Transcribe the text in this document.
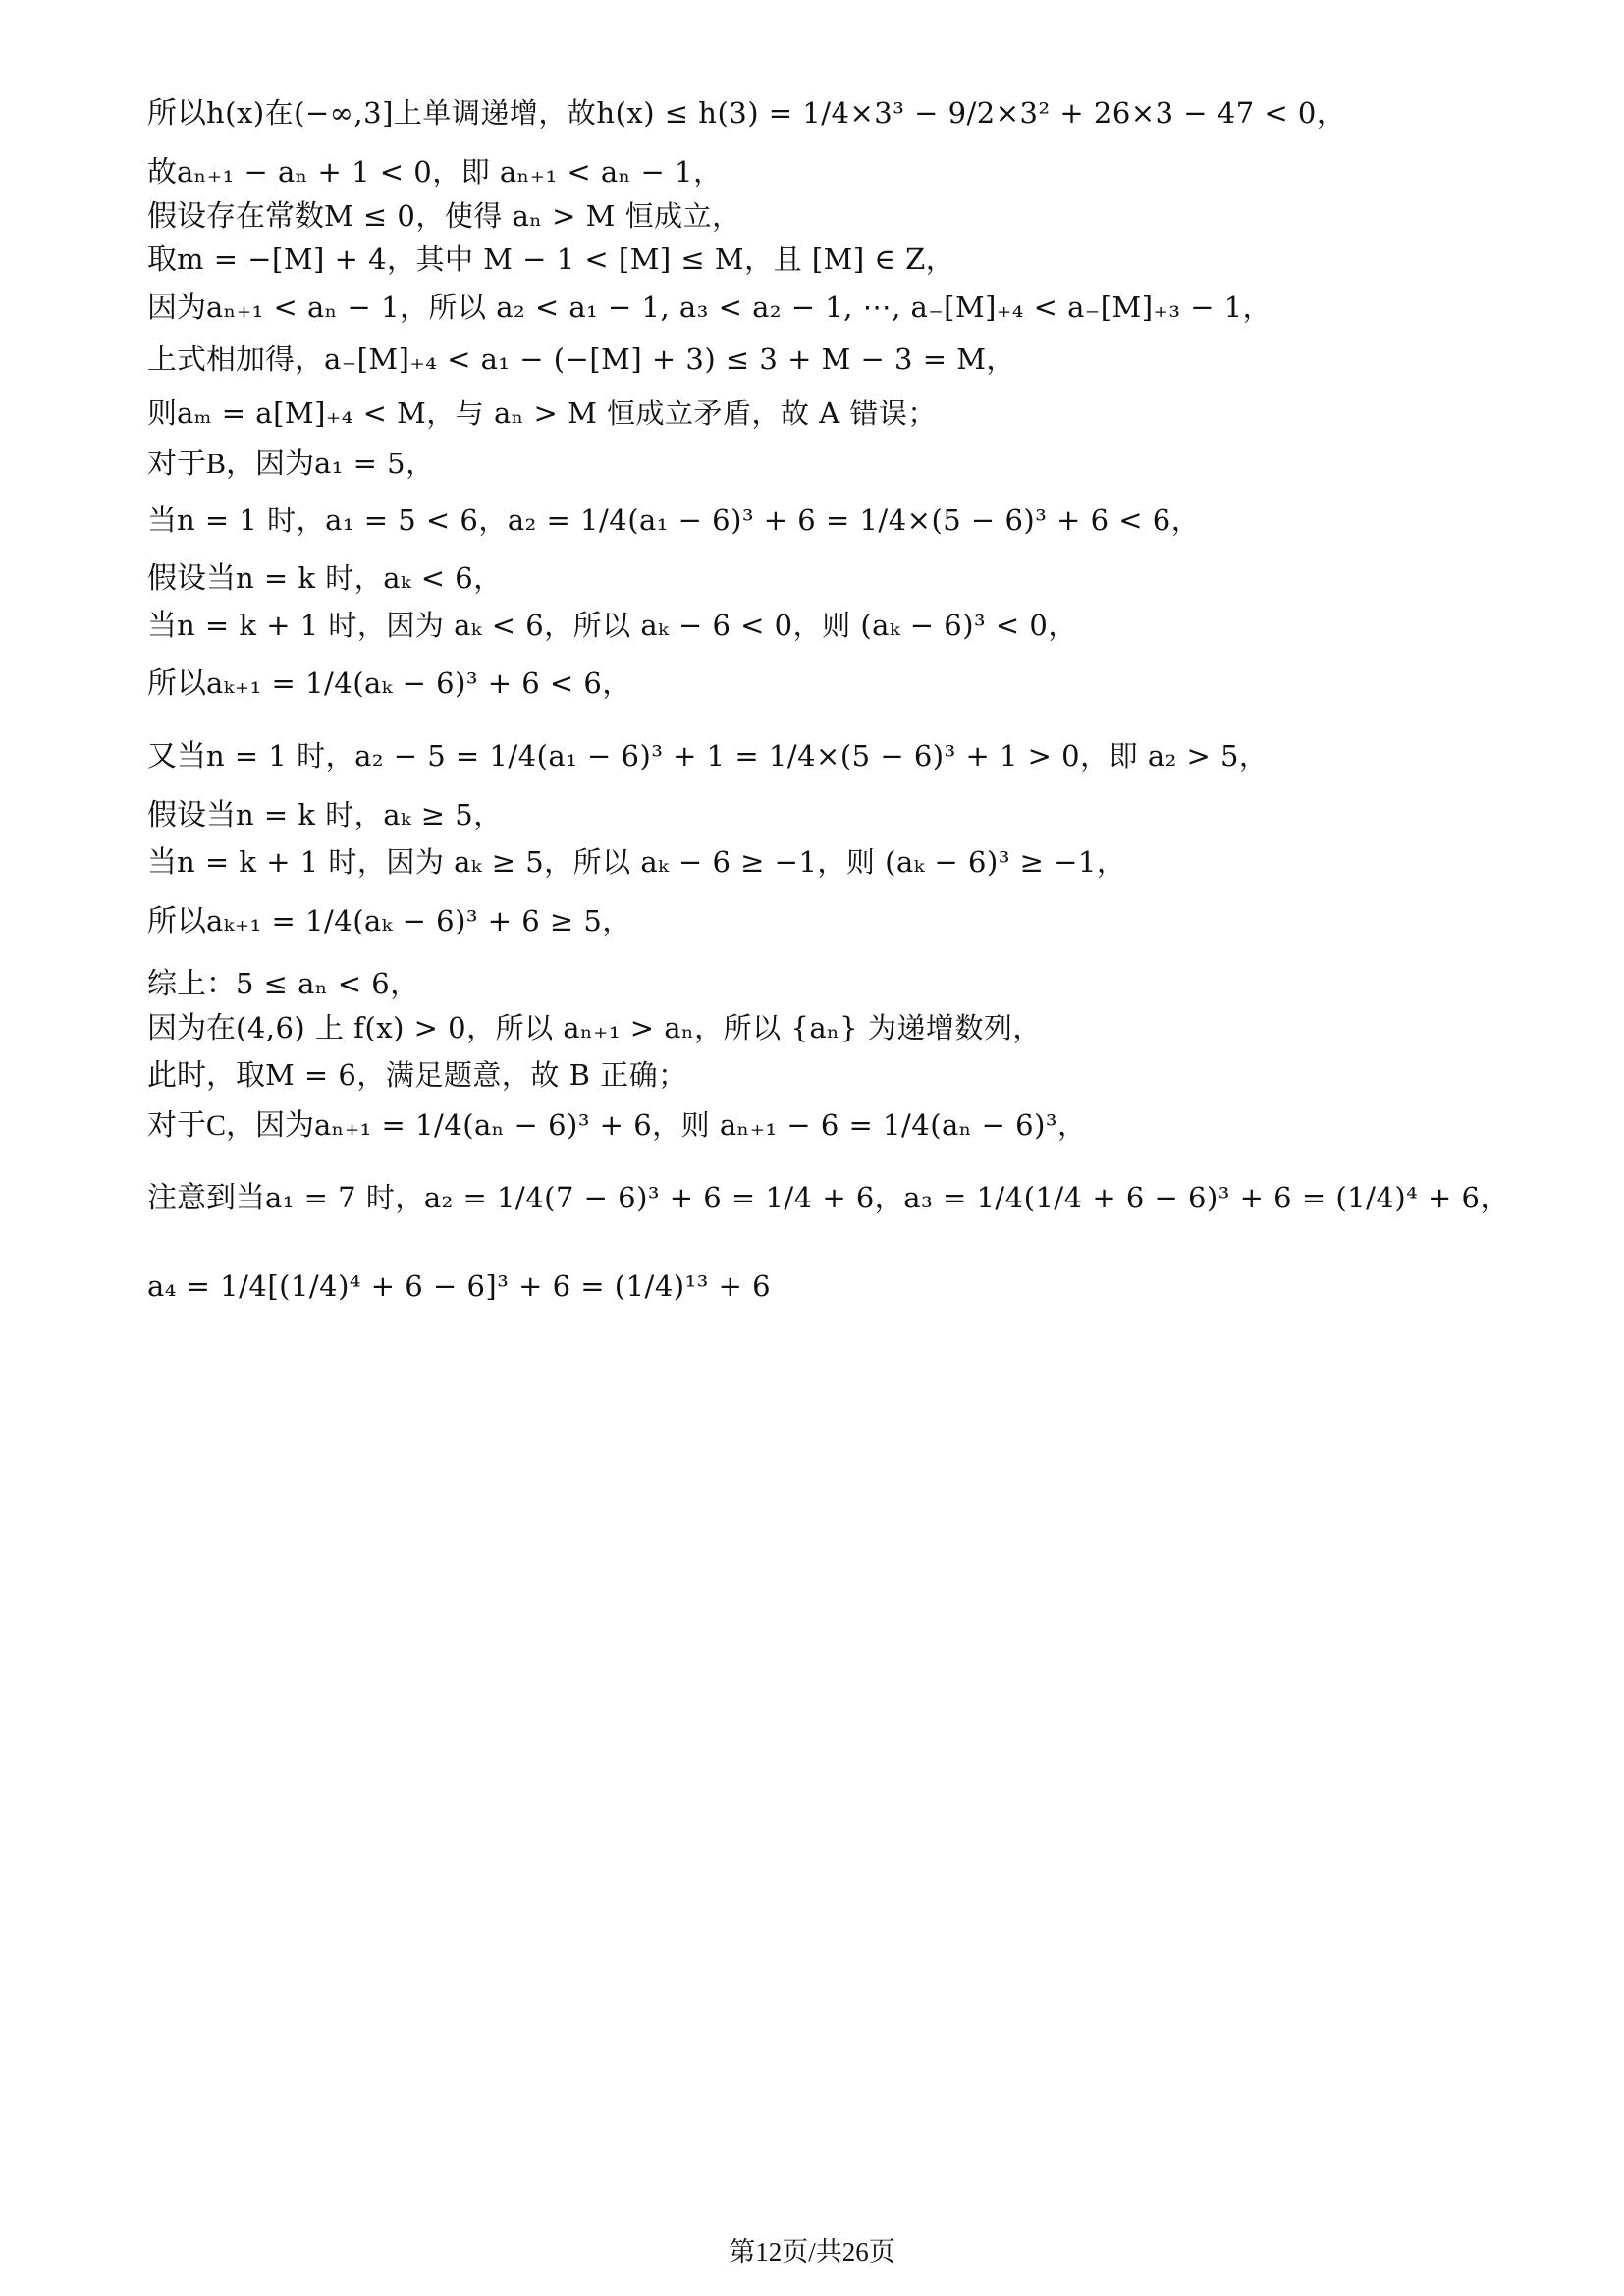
所以h(x)在(−∞,3]上单调递增，故h(x) ≤ h(3) = 1/4×3³ − 9/2×3² + 26×3 − 47 < 0，
故aₙ₊₁ − aₙ + 1 < 0，即 aₙ₊₁ < aₙ − 1，
假设存在常数M ≤ 0，使得 aₙ > M 恒成立，
取m = −[M] + 4，其中 M − 1 < [M] ≤ M，且 [M] ∈ Z，
因为aₙ₊₁ < aₙ − 1，所以 a₂ < a₁ − 1, a₃ < a₂ − 1, ⋯, a₋[M]₊₄ < a₋[M]₊₃ − 1，
上式相加得，a₋[M]₊₄ < a₁ − (−[M] + 3) ≤ 3 + M − 3 = M，
则aₘ = a[M]₊₄ < M，与 aₙ > M 恒成立矛盾，故 A 错误；
对于B，因为a₁ = 5，
当n = 1 时，a₁ = 5 < 6，a₂ = 1/4(a₁ − 6)³ + 6 = 1/4×(5 − 6)³ + 6 < 6，
假设当n = k 时，aₖ < 6，
当n = k + 1 时，因为 aₖ < 6，所以 aₖ − 6 < 0，则 (aₖ − 6)³ < 0，
所以aₖ₊₁ = 1/4(aₖ − 6)³ + 6 < 6，
又当n = 1 时，a₂ − 5 = 1/4(a₁ − 6)³ + 1 = 1/4×(5 − 6)³ + 1 > 0，即 a₂ > 5，
假设当n = k 时，aₖ ≥ 5，
当n = k + 1 时，因为 aₖ ≥ 5，所以 aₖ − 6 ≥ −1，则 (aₖ − 6)³ ≥ −1，
所以aₖ₊₁ = 1/4(aₖ − 6)³ + 6 ≥ 5，
综上：5 ≤ aₙ < 6，
因为在(4,6) 上 f(x) > 0，所以 aₙ₊₁ > aₙ，所以 {aₙ} 为递增数列，
此时，取M = 6，满足题意，故 B 正确；
对于C，因为aₙ₊₁ = 1/4(aₙ − 6)³ + 6，则 aₙ₊₁ − 6 = 1/4(aₙ − 6)³，
注意到当a₁ = 7 时，a₂ = 1/4(7 − 6)³ + 6 = 1/4 + 6，a₃ = 1/4(1/4 + 6 − 6)³ + 6 = (1/4)⁴ + 6，
a₄ = 1/4[(1/4)⁴ + 6 − 6]³ + 6 = (1/4)¹³ + 6
第12页/共26页
